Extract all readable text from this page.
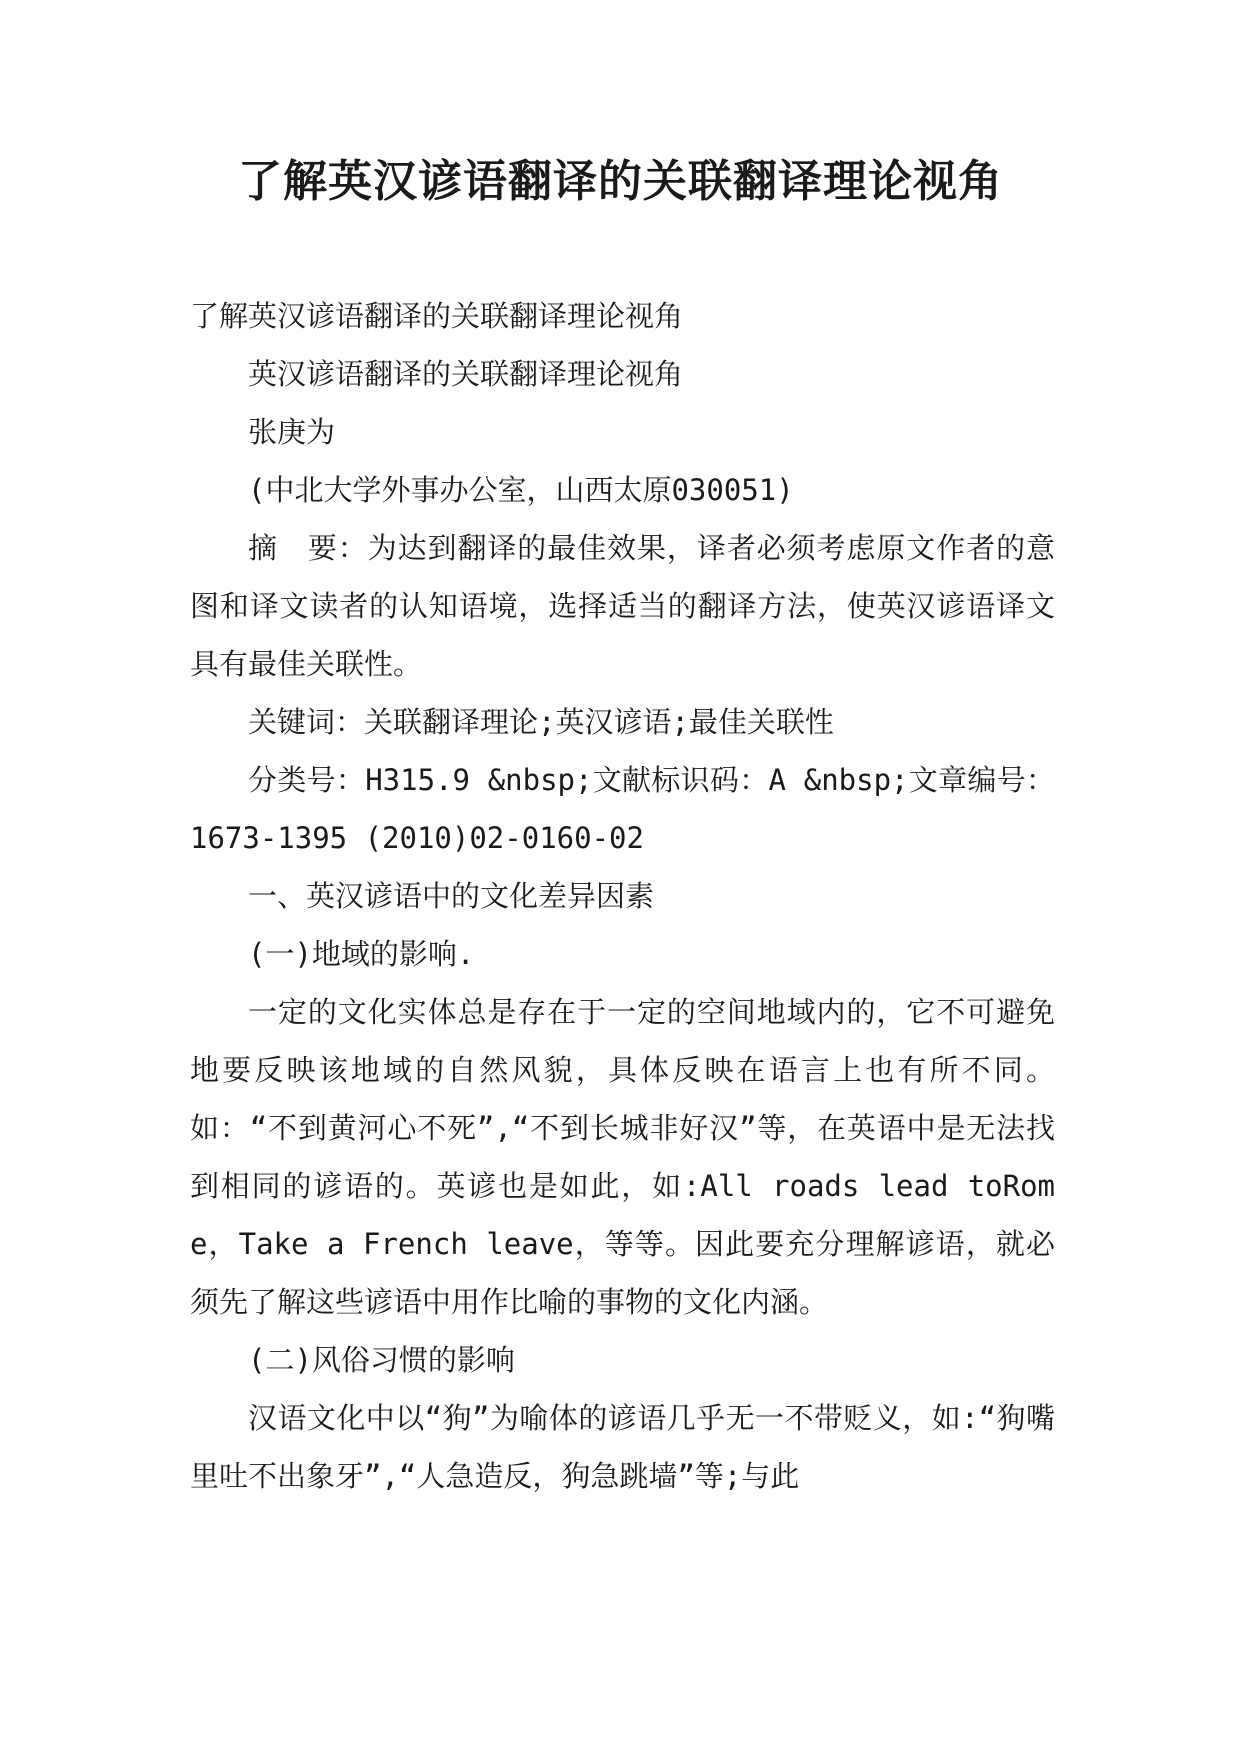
了解英汉谚语翻译的关联翻译理论视角

了解英汉谚语翻译的关联翻译理论视角

英汉谚语翻译的关联翻译理论视角

张庚为

(中北大学外事办公室，山西太原030051)

摘　要：为达到翻译的最佳效果，译者必须考虑原文作者的意图和译文读者的认知语境，选择适当的翻译方法，使英汉谚语译文具有最佳关联性。

关键词：关联翻译理论;英汉谚语;最佳关联性

分类号：H315.9 &nbsp;文献标识码：A &nbsp;文章编号：1673-1395 (2010)02-0160-02

一、英汉谚语中的文化差异因素

(一)地域的影响.

一定的文化实体总是存在于一定的空间地域内的，它不可避免地要反映该地域的自然风貌，具体反映在语言上也有所不同。如：“不到黄河心不死”,“不到长城非好汉”等，在英语中是无法找到相同的谚语的。英谚也是如此，如:All roads lead toRome，Take a French leave，等等。因此要充分理解谚语，就必须先了解这些谚语中用作比喻的事物的文化内涵。

(二)风俗习惯的影响

汉语文化中以“狗”为喻体的谚语几乎无一不带贬义，如:“狗嘴里吐不出象牙”,“人急造反，狗急跳墙”等;与此
